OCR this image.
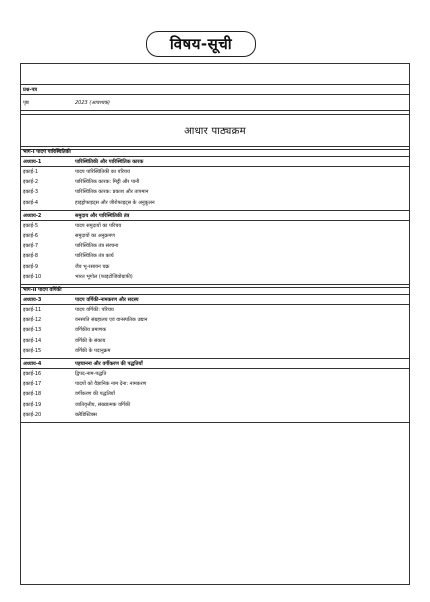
विषय-सूची
प्रश्न-पत्र
पृष्ठ	2023 (आवश्यक)
आधार पाठ्यक्रम
भाग-I पादप पारिस्थितिकी
अध्याय-1	पारिस्थितिकी और पारिस्थितिक कारक
इकाई-1	पादप पारिस्थितिकी का परिचय
इकाई-2	पारिस्थितिक कारक: मिट्टी और पानी
इकाई-3	पारिस्थितिक कारक: प्रकाश और तापमान
इकाई-4	हाइड्रोफाइट्स और जीरोफाइट्स के अनुकूलन
अध्याय-2	समुदाय और पारिस्थितिकी तंत्र
इकाई-5	पादप समुदायों का परिचय
इकाई-6	समुदायों का अनुक्रमण
इकाई-7	पारिस्थितिक तंत्र संरचना
इकाई-8	पारिस्थितिक तंत्र कार्य
इकाई-9	जैव भू-रसायन चक्र
इकाई-10	भारत भूगोल (फाइटोजियोग्राफी)
भाग-II पादप वर्गिकी
अध्याय-3	पादप वर्गिकी-नामकरण और सदस्य
इकाई-11	पादप वर्गिकी: परिचय
इकाई-12	वनस्पति संग्रहालय एवं वानस्पतिक उद्यान
इकाई-13	वर्गिकीय प्रमाणक
इकाई-14	वर्गिकी के संकाय
इकाई-15	वर्गिकी के पदानुक्रम
अध्याय-4	पहचानना और वर्गीकरण की पद्धतियाँ
इकाई-16	द्विपद-नाम-पद्धति
इकाई-17	पादपों को वैज्ञानिक नाम देना: नामकरण
इकाई-18	वर्गीकरण की पद्धतियाँ
इकाई-19	जातिवृत्तीय, संख्यात्मक वर्गिकी
इकाई-20	क्लैडिस्टिक्स
